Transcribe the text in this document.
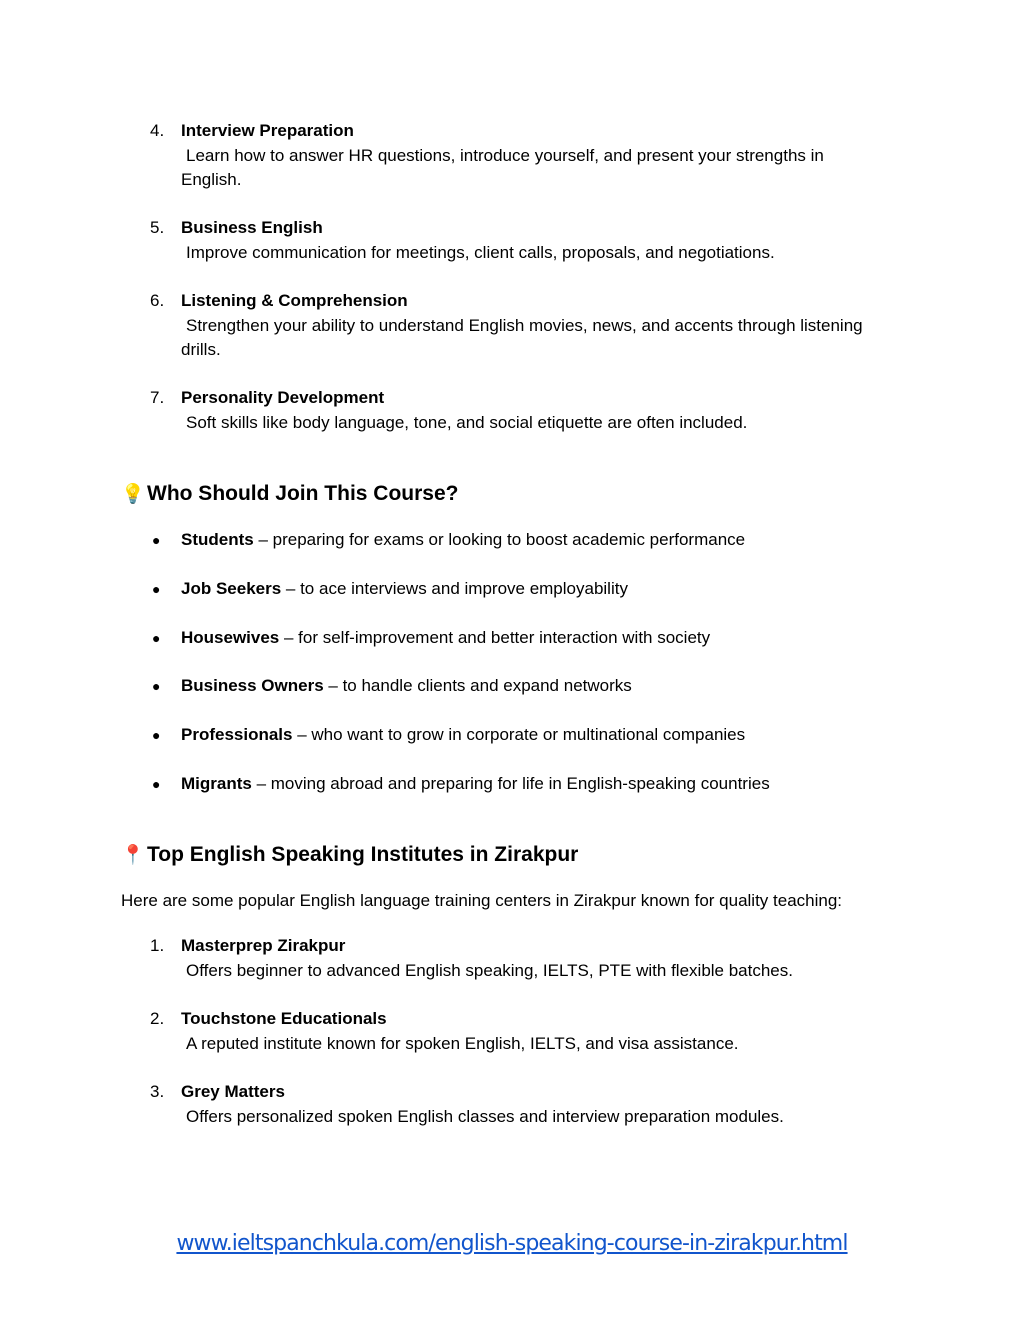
4. Interview Preparation
Learn how to answer HR questions, introduce yourself, and present your strengths in English.
5. Business English
Improve communication for meetings, client calls, proposals, and negotiations.
6. Listening & Comprehension
Strengthen your ability to understand English movies, news, and accents through listening drills.
7. Personality Development
Soft skills like body language, tone, and social etiquette are often included.
💡 Who Should Join This Course?
● Students – preparing for exams or looking to boost academic performance
● Job Seekers – to ace interviews and improve employability
● Housewives – for self-improvement and better interaction with society
● Business Owners – to handle clients and expand networks
● Professionals – who want to grow in corporate or multinational companies
● Migrants – moving abroad and preparing for life in English-speaking countries
📍 Top English Speaking Institutes in Zirakpur
Here are some popular English language training centers in Zirakpur known for quality teaching:
1. Masterprep Zirakpur
Offers beginner to advanced English speaking, IELTS, PTE with flexible batches.
2. Touchstone Educationals
A reputed institute known for spoken English, IELTS, and visa assistance.
3. Grey Matters
Offers personalized spoken English classes and interview preparation modules.
www.ieltspanchkula.com/english-speaking-course-in-zirakpur.html
